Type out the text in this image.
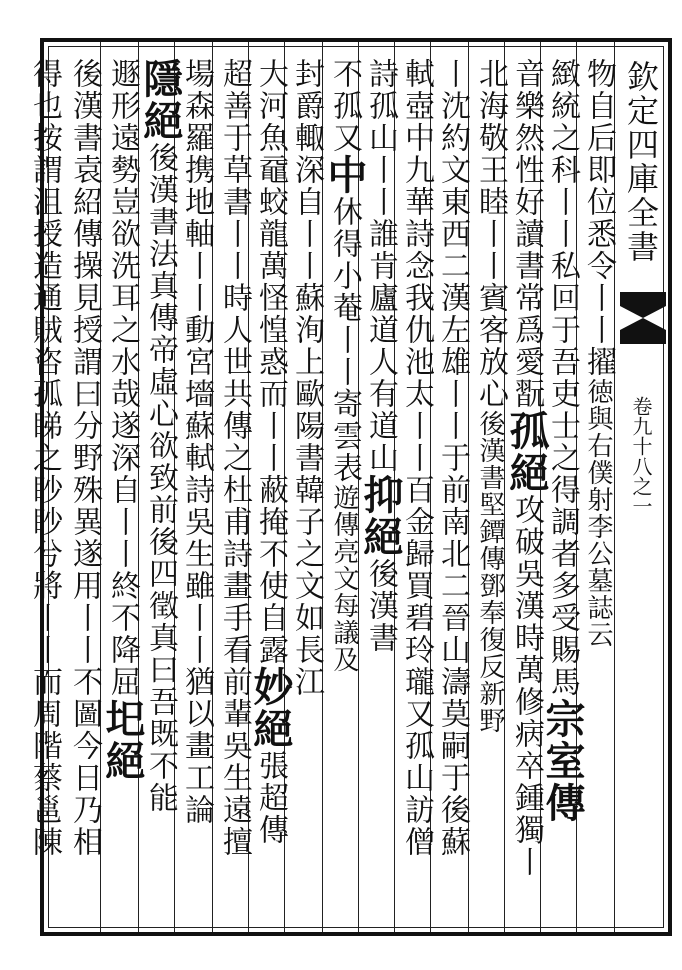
欽定四庫全書
卷九十八之一
物自后即位悉令丨丨擢徳與右僕射李公墓誌云
緻統之科丨丨私回于吾吏士之得調者多受賜馬宗室傳
音樂然性好讀書常爲愛翫孤絕攻破吳漢時萬修病卒鍾獨丨
北海敬王睦丨丨賓客放心後漢書堅鐔傳鄧奉復反新野
丨沈約文東西二漢左雄丨丨于前南北二晉山濤莫嗣于後蘇
軾壺中九華詩念我仇池太丨丨百金歸買碧玲瓏又孤山訪僧
詩孤山丨丨誰肯廬道人有道山抑絕後漢書
不孤又中休得小菴丨丨寄雲表遊傳亮文每議及
封爵輙深自丨丨蘇洵上歐陽書韓子之文如長江
大河魚黿蛟龍萬怪惶惑而丨丨蔽掩不使自露妙絕張超傳
超善于草書丨丨時人世共傳之杜甫詩畫手看前輩吳生遠擅
場森羅携地軸丨丨動宮墻蘇軾詩吳生雖丨丨猶以畫工論
隱絕後漢書法真傳帝虛心欲致前後四徵真曰吾既不能
遯形遠勢豈欲洗耳之水哉遂深自丨丨終不降屈圯絕
後漢書袁紹傳操見授謂曰分野殊異遂用丨丨不圖今日乃相
得也按謂沮授造通賊咨孤睇之眇眇兮將丨丨而周階蔡邕陳
